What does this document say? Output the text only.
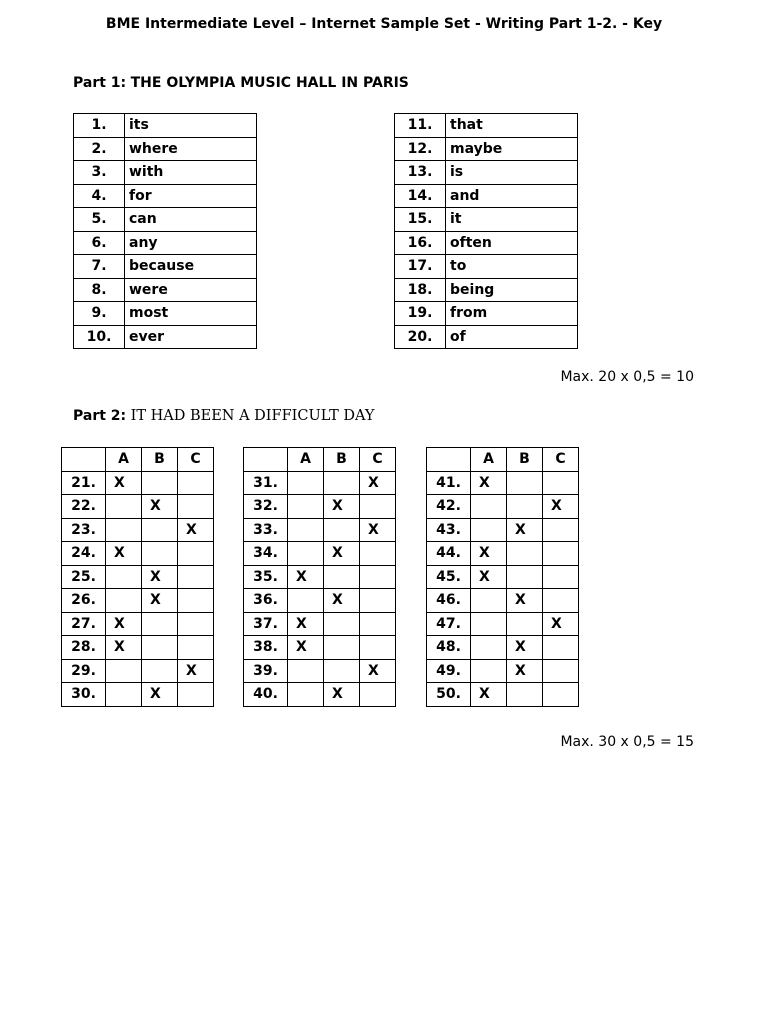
BME Intermediate Level – Internet Sample Set - Writing Part 1-2. - Key
Part 1: THE OLYMPIA MUSIC HALL IN PARIS
1.	its
2.	where
3.	with
4.	for
5.	can
6.	any
7.	because
8.	were
9.	most
10.	ever
11.	that
12.	maybe
13.	is
14.	and
15.	it
16.	often
17.	to
18.	being
19.	from
20.	of
Max. 20 x 0,5 = 10
Part 2: IT HAD BEEN A DIFFICULT DAY
	A	B	C
21.	X		
22.		X	
23.			X
24.	X		
25.		X	
26.		X	
27.	X		
28.	X		
29.			X
30.		X	
	A	B	C
31.			X
32.		X	
33.			X
34.		X	
35.	X		
36.		X	
37.	X		
38.	X		
39.			X
40.		X	
	A	B	C
41.	X		
42.			X
43.		X	
44.	X		
45.	X		
46.		X	
47.			X
48.		X	
49.		X	
50.	X		
Max. 30 x 0,5 = 15
